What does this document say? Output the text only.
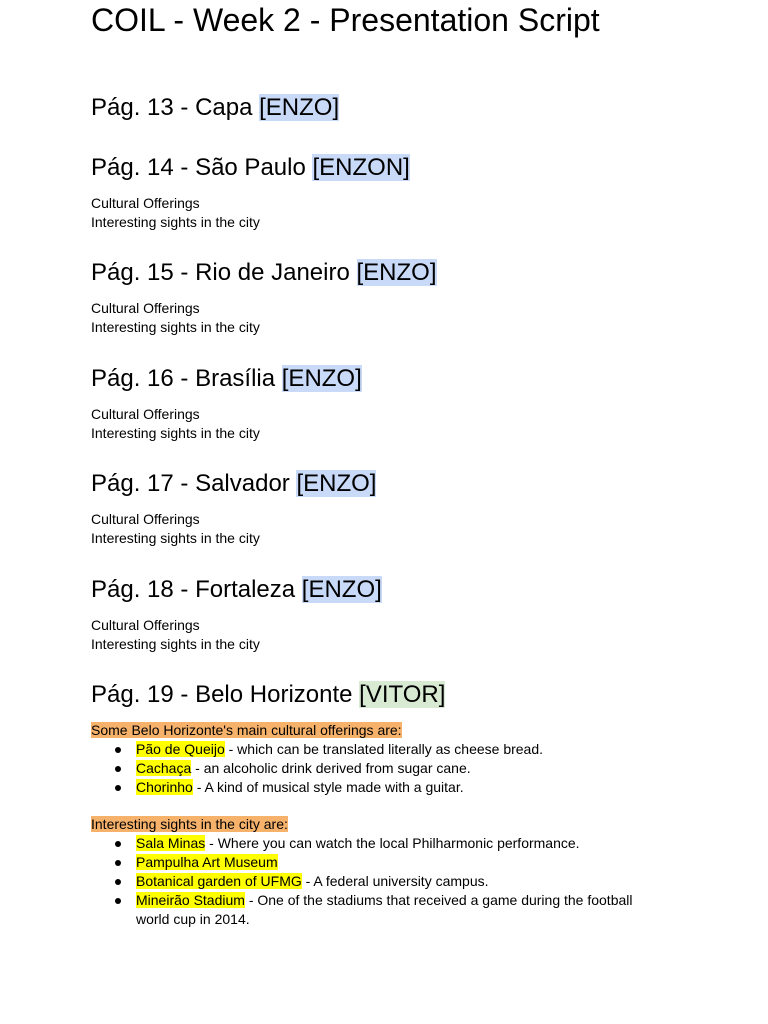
COIL - Week 2 - Presentation Script
Pág. 13 - Capa [ENZO]
Pág. 14 - São Paulo [ENZON]
Cultural Offerings
Interesting sights in the city
Pág. 15 - Rio de Janeiro [ENZO]
Cultural Offerings
Interesting sights in the city
Pág. 16 - Brasília [ENZO]
Cultural Offerings
Interesting sights in the city
Pág. 17 - Salvador [ENZO]
Cultural Offerings
Interesting sights in the city
Pág. 18 - Fortaleza [ENZO]
Cultural Offerings
Interesting sights in the city
Pág. 19 - Belo Horizonte [VITOR]
Some Belo Horizonte's main cultural offerings are:
Pão de Queijo - which can be translated literally as cheese bread.
Cachaça - an alcoholic drink derived from sugar cane.
Chorinho - A kind of musical style made with a guitar.
Interesting sights in the city are:
Sala Minas - Where you can watch the local Philharmonic performance.
Pampulha Art Museum
Botanical garden of UFMG - A federal university campus.
Mineirão Stadium - One of the stadiums that received a game during the football world cup in 2014.
